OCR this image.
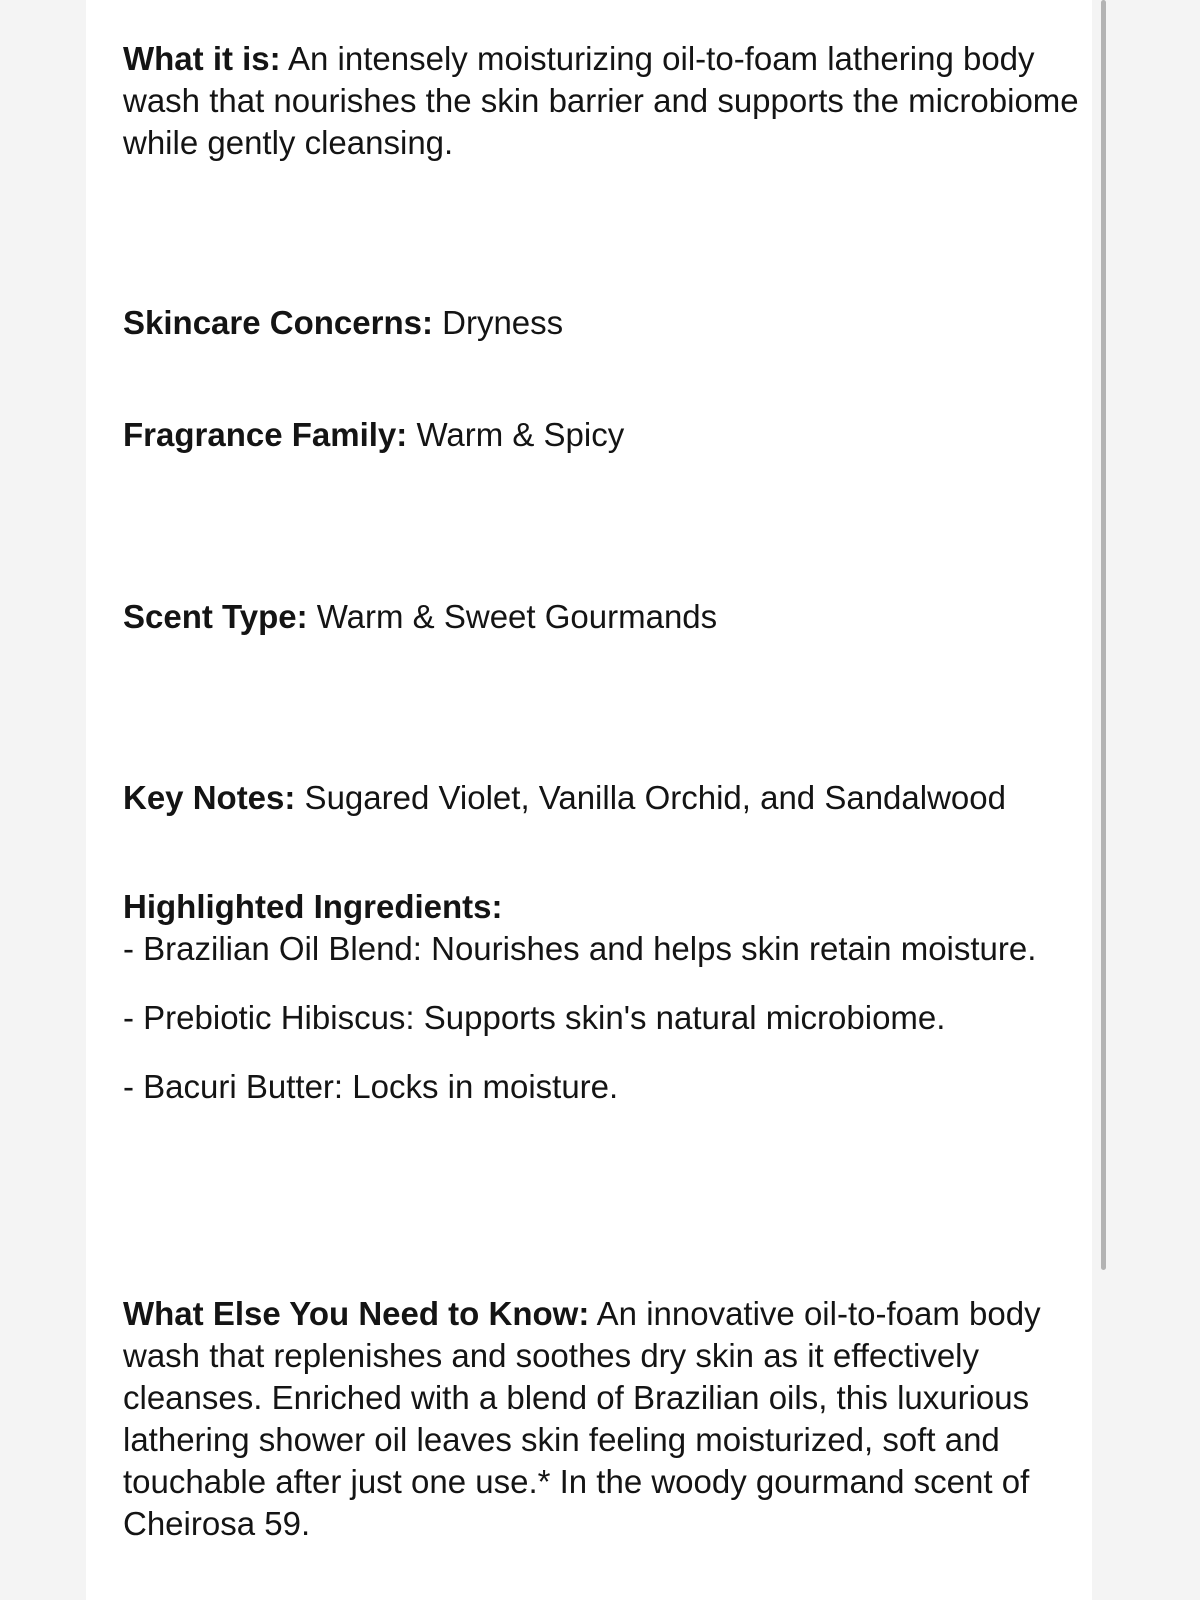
What it is: An intensely moisturizing oil-to-foam lathering body wash that nourishes the skin barrier and supports the microbiome while gently cleansing.
Skincare Concerns: Dryness
Fragrance Family: Warm & Spicy
Scent Type: Warm & Sweet Gourmands
Key Notes: Sugared Violet, Vanilla Orchid, and Sandalwood
Highlighted Ingredients:
- Brazilian Oil Blend: Nourishes and helps skin retain moisture.
- Prebiotic Hibiscus: Supports skin's natural microbiome.
- Bacuri Butter: Locks in moisture.
What Else You Need to Know: An innovative oil-to-foam body wash that replenishes and soothes dry skin as it effectively cleanses. Enriched with a blend of Brazilian oils, this luxurious lathering shower oil leaves skin feeling moisturized, soft and touchable after just one use.* In the woody gourmand scent of Cheirosa 59.
